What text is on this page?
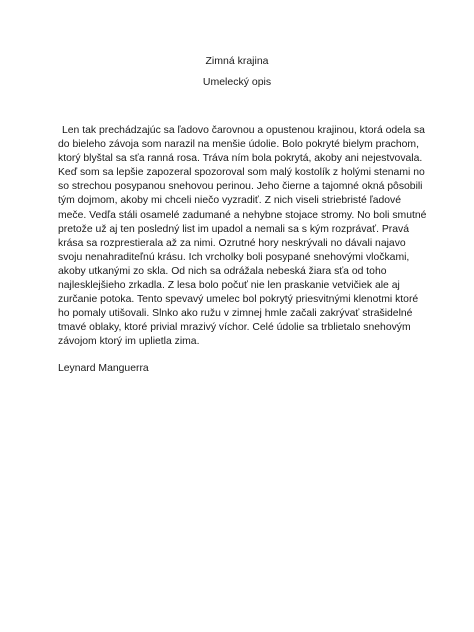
Zimná krajina
Umelecký opis

Len tak prechádzajúc sa ľadovo čarovnou a opustenou krajinou, ktorá odela sa do bieleho závoja som narazil na menšie údolie. Bolo pokryté bielym prachom, ktorý blyštal sa sťa ranná rosa. Tráva ním bola pokrytá, akoby ani nejestvovala. Keď som sa lepšie zapozeral spozoroval som malý kostolík z holými stenami no so strechou posypanou snehovou perinou. Jeho čierne a tajomné okná pôsobili tým dojmom, akoby mi chceli niečo vyzradiť. Z nich viseli striebristé ľadové meče. Vedľa stáli osamelé zadumané a nehybne stojace stromy. No boli smutné pretože už aj ten posledný list im upadol a nemali sa s kým rozprávať. Pravá krása sa rozprestierala až za nimi. Ozrutné hory neskrývali no dávali najavo svoju nenahraditeľnú krásu. Ich vrcholky boli posypané snehovými vločkami, akoby utkanými zo skla. Od nich sa odrážala nebeská žiara sťa od toho najlesklejšieho zrkadla. Z lesa bolo počuť nie len praskanie vetvičiek ale aj zurčanie potoka. Tento spevavý umelec bol pokrytý priesvitnými klenotmi ktoré ho pomaly utišovali. Slnko ako ružu v zimnej hmle začali zakrývať strašidelné tmavé oblaky, ktoré privial mrazivý víchor. Celé údolie sa trblietalo snehovým závojom ktorý im uplietla zima.

Leynard Manguerra
